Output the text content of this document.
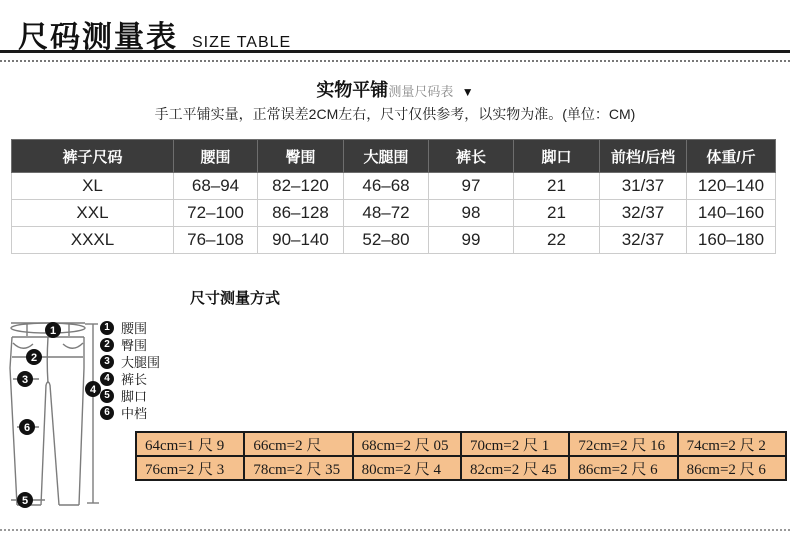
尺码测量表 SIZE TABLE
实物平铺测量尺码表 ▼
手工平铺实量，正常误差2CM左右，尺寸仅供参考，以实物为准。(单位：CM)
裤子尺码	腰围	臀围	大腿围	裤长	脚口	前档/后档	体重/斤
XL	68–94	82–120	46–68	97	21	31/37	120–140
XXL	72–100	86–128	48–72	98	21	32/37	140–160
XXXL	76–108	90–140	52–80	99	22	32/37	160–180
尺寸测量方式
1
2
3
4
6
5
1 腰围
2 臀围
3 大腿围
4 裤长
5 脚口
6 中档
64cm=1 尺 9	66cm=2 尺	68cm=2 尺 05	70cm=2 尺 1	72cm=2 尺 16	74cm=2 尺 2
76cm=2 尺 3	78cm=2 尺 35	80cm=2 尺 4	82cm=2 尺 45	86cm=2 尺 6	86cm=2 尺 6
